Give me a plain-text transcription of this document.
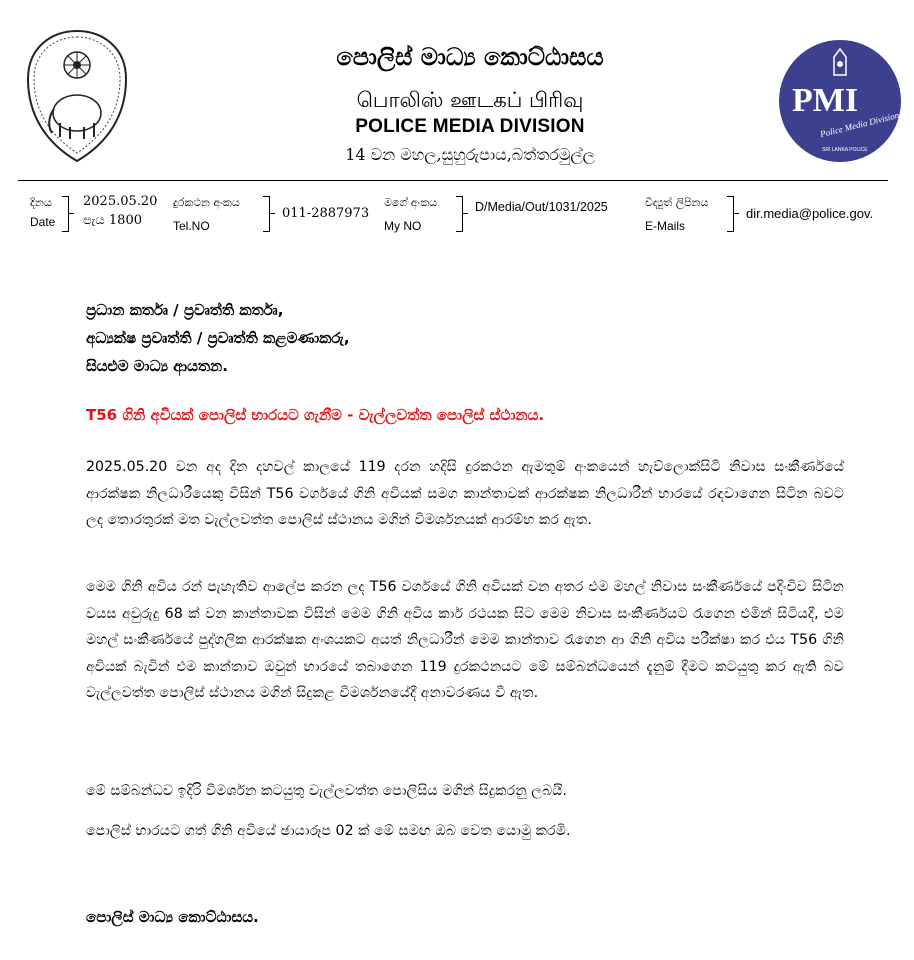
පොලිස් මාධ්‍ය කොට්ඨාසය
பொலிஸ் ஊடகப் பிரிவு
POLICE MEDIA DIVISION
14 වන මහල,සුහුරුපාය,බත්තරමුල්ල
PMI
Police Media Division
SRI LANKA POLICE
දිනය
Date
2025.05.20
පැය 1800
දුරකථන අංකය
Tel.NO
011-2887973
මගේ අංකය
My NO
D/Media/Out/1031/2025	විද්‍යුත් ලිපිනය
E-Mails
dir.media@police.gov.
ප්‍රධාන කර්තෘ / ප්‍රවෘත්ති කර්තෘ,
අධ්‍යක්ෂ ප්‍රවෘත්ති / ප්‍රවෘත්ති කළමණාකරු,
සියළුම මාධ්‍ය ආයතන.
T56 ගිනි අවියක් පොලිස් භාරයට ගැනීම - වැල්ලවත්ත පොලිස් ස්ථානය.
2025.05.20 වන අද දින දහවල් කාලයේ 119 දරන හදිසි දුරකථන ඇමතුම් අංකයෙන් හැව්ලොක්සිටි නිවාස සංකීර්ණයේ ආරක්ෂක නිලධාරීයෙකු විසින් T56 වර්ගයේ ගිනි අවියක් සමග කාන්තාවක් ආරක්ෂක නිලධාරීන් භාරයේ රඳවාගෙන සිටින බවට ලද තොරතුරක් මත වැල්ලවත්ත පොලිස් ස්ථානය මගින් විමර්ශනයක් ආරම්භ කර ඇත.
මෙම ගිනි අවිය රන් පැහැතිව ආලේප කරන ලද T56 වර්ගයේ ගිනි අවියක් වන අතර එම මහල් නිවාස සංකීර්ණයේ පදිංචිව සිටින වයස අවුරුදු 68 ක් වන කාන්තාවක විසින් මෙම ගිනි අවිය කාර් රථයක සිට මෙම නිවාස සංකීර්ණයට රැගෙන එමින් සිටියදී, එම මහල් සංකීර්ණයේ පුද්ගලික ආරක්ෂක අංශයකට අයත් නිලධාරීන් මෙම කාන්තාව රැගෙන ආ ගිනි අවිය පරීක්ෂා කර එය T56 ගිනි අවියක් බැවින් එම කාන්තාව ඔවුන් භාරයේ තබාගෙන 119 දුරකථනයට මේ සම්බන්ධයෙන් දැනුම් දීමට කටයුතු කර ඇති බව වැල්ලවත්ත පොලිස් ස්ථානය මගින් සිදුකළ විමර්ශනයේදී අනාවරණය වී ඇත.
මේ සම්බන්ධව ඉදිරි විමර්ශන කටයුතු වැල්ලවත්ත පොලිසිය මගින් සිදුකරනු ලබයි.
පොලිස් භාරයට ගත් ගිනි අවියේ ඡායාරූප 02 ක් මේ සමඟ ඔබ වෙත යොමු කරමි.
පොලිස් මාධ්‍ය කොට්ඨාසය.
